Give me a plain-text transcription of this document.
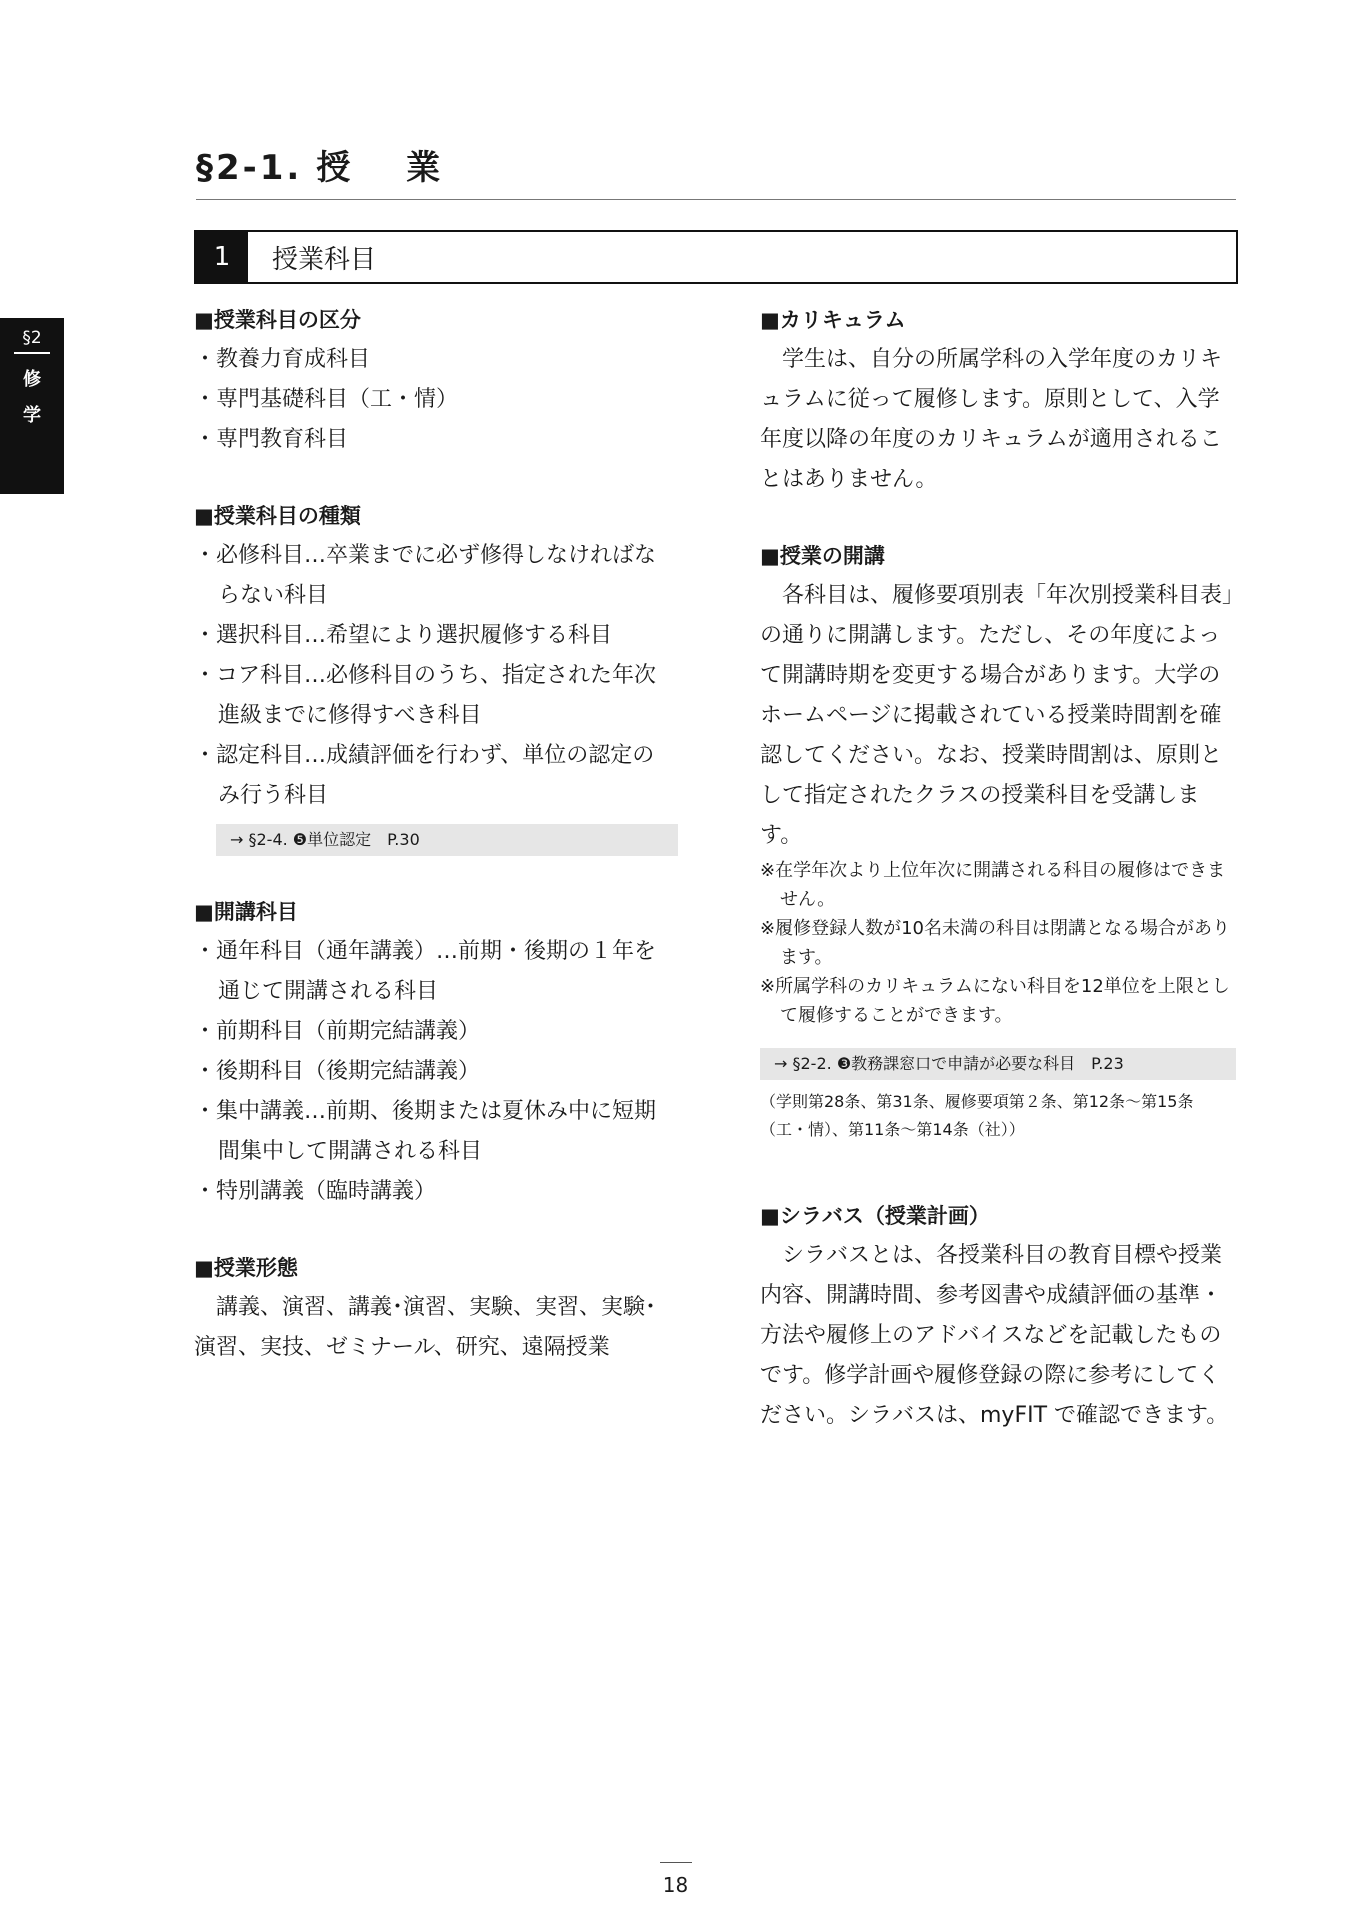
§2
修
学
§2-1. 授 業
1	授業科目

■授業科目の区分

・教養力育成科目

・専門基礎科目（工・情）

・専門教育科目

■授業科目の種類

・必修科目…卒業までに必ず修得しなければならない科目

・選択科目…希望により選択履修する科目

・コア科目…必修科目のうち、指定された年次進級までに修得すべき科目

・認定科目…成績評価を行わず、単位の認定のみ行う科目

→ §2-4. ❺単位認定　P.30

■開講科目

・通年科目（通年講義）…前期・後期の１年を通じて開講される科目

・前期科目（前期完結講義）

・後期科目（後期完結講義）

・集中講義…前期、後期または夏休み中に短期間集中して開講される科目

・特別講義（臨時講義）

■授業形態

講義、演習、講義･演習、実験、実習、実験･演習、実技、ゼミナール、研究、遠隔授業

■カリキュラム

学生は、自分の所属学科の入学年度のカリキュラムに従って履修します。原則として、入学年度以降の年度のカリキュラムが適用されることはありません。

■授業の開講

各科目は、履修要項別表「年次別授業科目表」の通りに開講します。ただし、その年度によって開講時期を変更する場合があります。大学のホームページに掲載されている授業時間割を確認してください。なお、授業時間割は、原則として指定されたクラスの授業科目を受講します。

※在学年次より上位年次に開講される科目の履修はできません。

※履修登録人数が10名未満の科目は閉講となる場合があります。

※所属学科のカリキュラムにない科目を12単位を上限として履修することができます。

→ §2-2. ❸教務課窓口で申請が必要な科目　P.23

（学則第28条、第31条、履修要項第２条、第12条〜第15条（工・情）、第11条〜第14条（社））

■シラバス（授業計画）

シラバスとは、各授業科目の教育目標や授業内容、開講時間、参考図書や成績評価の基準・方法や履修上のアドバイスなどを記載したものです。修学計画や履修登録の際に参考にしてください。シラバスは、myFIT で確認できます。

18
